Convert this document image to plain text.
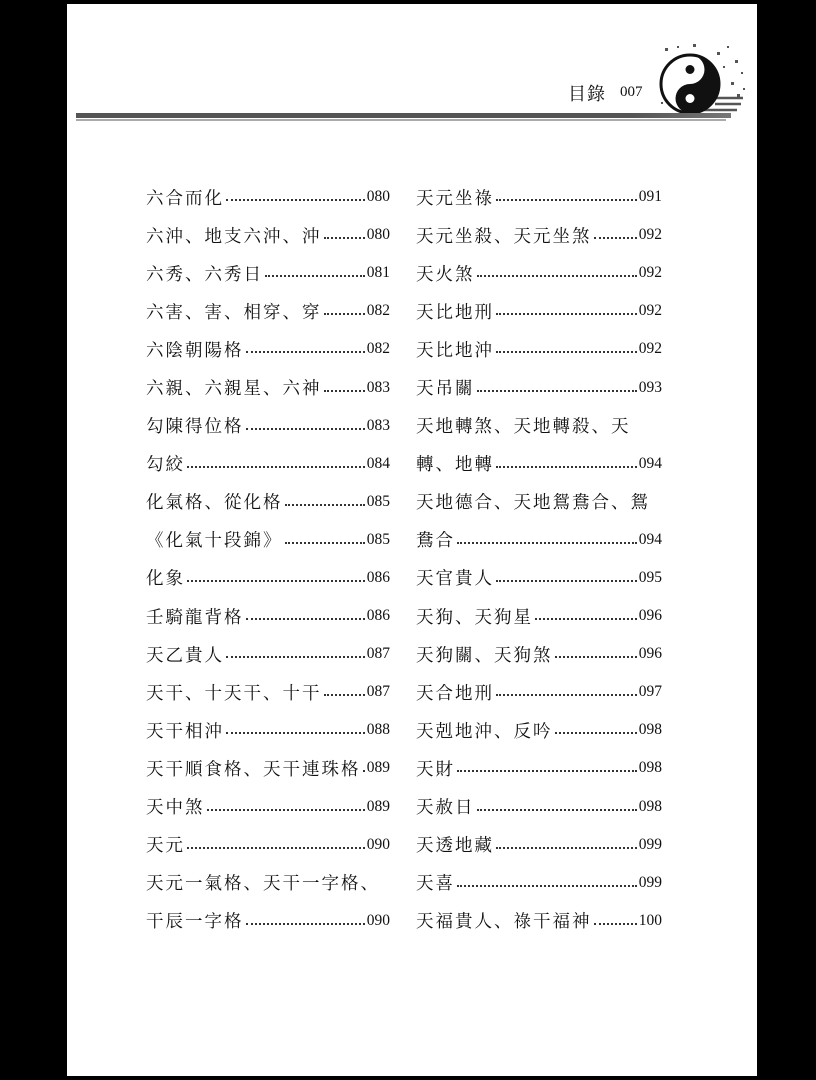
目錄 007
六合而化	080
六沖、地支六沖、沖	080
六秀、六秀日	081
六害、害、相穿、穿	082
六陰朝陽格	082
六親、六親星、六神	083
勾陳得位格	083
勾絞	084
化氣格、從化格	085
《化氣十段錦》	085
化象	086
壬騎龍背格	086
天乙貴人	087
天干、十天干、十干	087
天干相沖	088
天干順食格、天干連珠格 089
天中煞	089
天元	090
天元一氣格、天干一字格、
干辰一字格	090
天元坐祿	091
天元坐殺、天元坐煞	092
天火煞	092
天比地刑	092
天比地沖	092
天吊關	093
天地轉煞、天地轉殺、天
轉、地轉	094
天地德合、天地鴛鴦合、鴛
鴦合	094
天官貴人	095
天狗、天狗星	096
天狗關、天狗煞	096
天合地刑	097
天剋地沖、反吟	098
天財	098
天赦日	098
天透地藏	099
天喜	099
天福貴人、祿干福神	100
